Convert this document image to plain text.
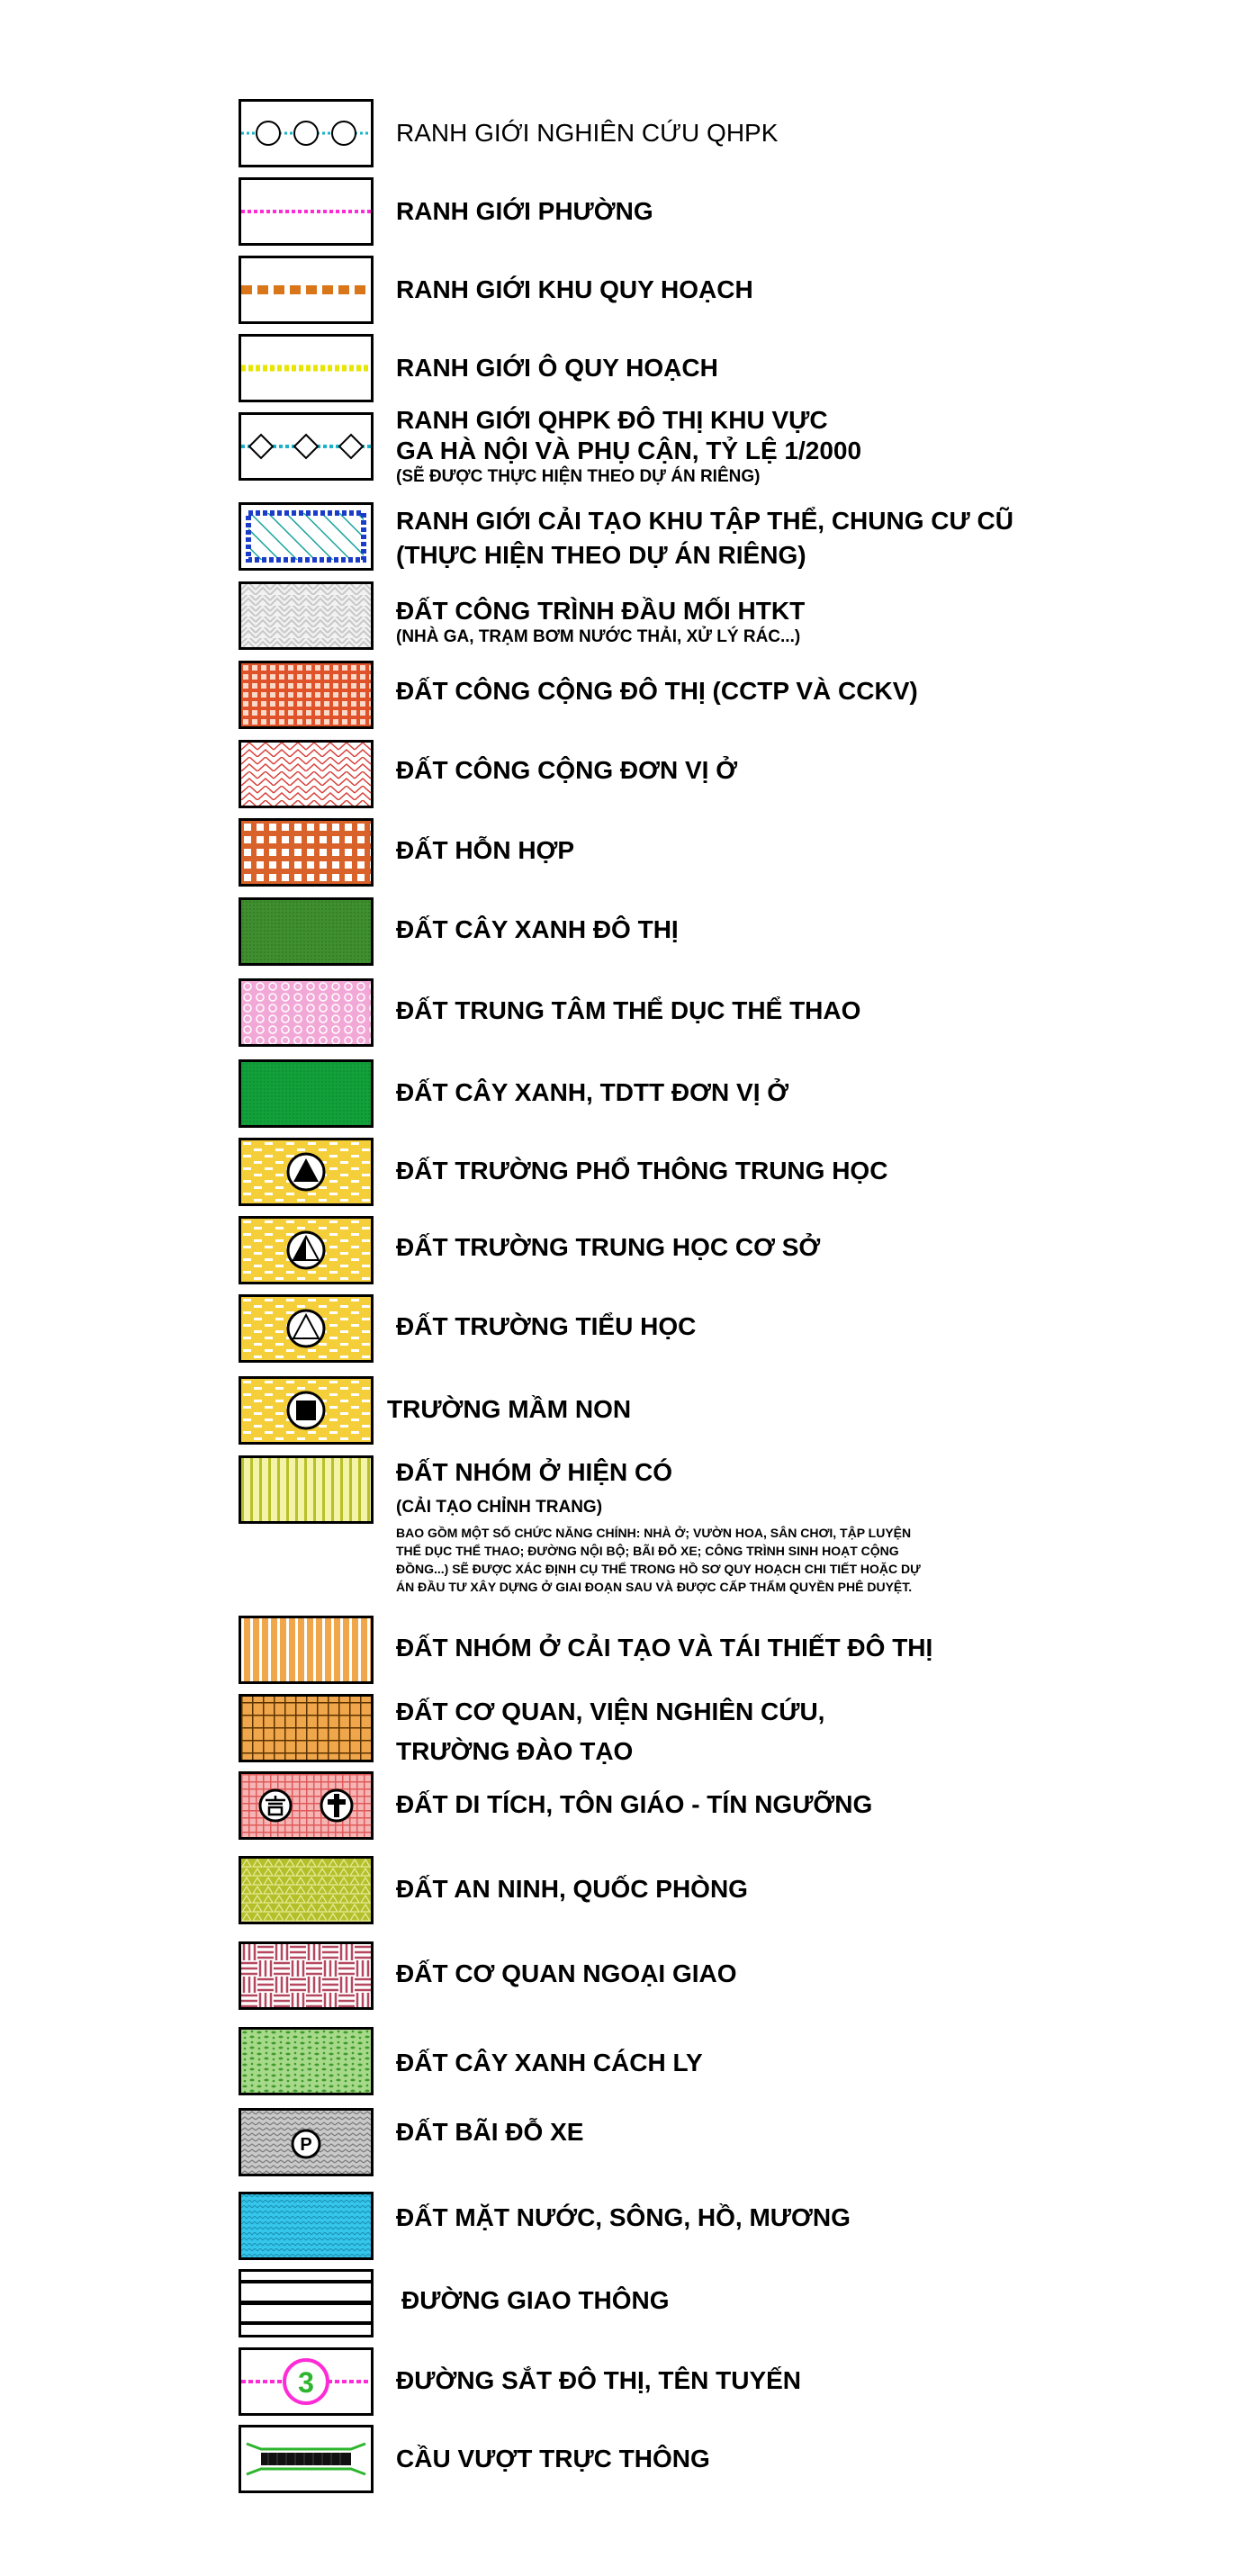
RANH GIỚI NGHIÊN CỨU QHPK
RANH GIỚI PHƯỜNG
RANH GIỚI KHU QUY HOẠCH
RANH GIỚI Ô QUY HOẠCH
RANH GIỚI QHPK ĐÔ THỊ KHU VỰC
GA HÀ NỘI VÀ PHỤ CẬN, TỶ LỆ 1/2000
(SẼ ĐƯỢC THỰC HIỆN THEO DỰ ÁN RIÊNG)
RANH GIỚI CẢI TẠO KHU TẬP THỂ, CHUNG CƯ CŨ
(THỰC HIỆN THEO DỰ ÁN RIÊNG)
ĐẤT CÔNG TRÌNH ĐẦU MỐI HTKT
(NHÀ GA, TRẠM BƠM NƯỚC THẢI, XỬ LÝ RÁC...)
ĐẤT CÔNG CỘNG ĐÔ THỊ (CCTP VÀ CCKV)
ĐẤT CÔNG CỘNG ĐƠN VỊ Ở
ĐẤT HỖN HỢP
ĐẤT CÂY XANH ĐÔ THỊ
ĐẤT TRUNG TÂM THỂ DỤC THỂ THAO
ĐẤT CÂY XANH, TDTT ĐƠN VỊ Ở
ĐẤT TRƯỜNG PHỔ THÔNG TRUNG HỌC
ĐẤT TRƯỜNG TRUNG HỌC CƠ SỞ
ĐẤT TRƯỜNG TIỂU HỌC
TRƯỜNG MẦM NON
ĐẤT NHÓM Ở HIỆN CÓ
(CẢI TẠO CHỈNH TRANG)
BAO GỒM MỘT SỐ CHỨC NĂNG CHÍNH: NHÀ Ở; VƯỜN HOA, SÂN CHƠI, TẬP LUYỆN THỂ DỤC THỂ THAO; ĐƯỜNG NỘI BỘ; BÃI ĐỖ XE; CÔNG TRÌNH SINH HOẠT CỘNG ĐỒNG...) SẼ ĐƯỢC XÁC ĐỊNH CỤ THỂ TRONG HỒ SƠ QUY HOẠCH CHI TIẾT HOẶC DỰ ÁN ĐẦU TƯ XÂY DỰNG Ở GIAI ĐOẠN SAU VÀ ĐƯỢC CẤP THẨM QUYỀN PHÊ DUYỆT.
ĐẤT NHÓM Ở CẢI TẠO VÀ TÁI THIẾT ĐÔ THỊ
ĐẤT CƠ QUAN, VIỆN NGHIÊN CỨU,
TRƯỜNG ĐÀO TẠO
ĐẤT DI TÍCH, TÔN GIÁO - TÍN NGƯỠNG
ĐẤT AN NINH, QUỐC PHÒNG
ĐẤT CƠ QUAN NGOẠI GIAO
ĐẤT CÂY XANH CÁCH LY
P	ĐẤT BÃI ĐỖ XE
ĐẤT MẶT NƯỚC, SÔNG, HỒ, MƯƠNG
ĐƯỜNG GIAO THÔNG
3	ĐƯỜNG SẮT ĐÔ THỊ, TÊN TUYẾN
CẦU VƯỢT TRỰC THÔNG
